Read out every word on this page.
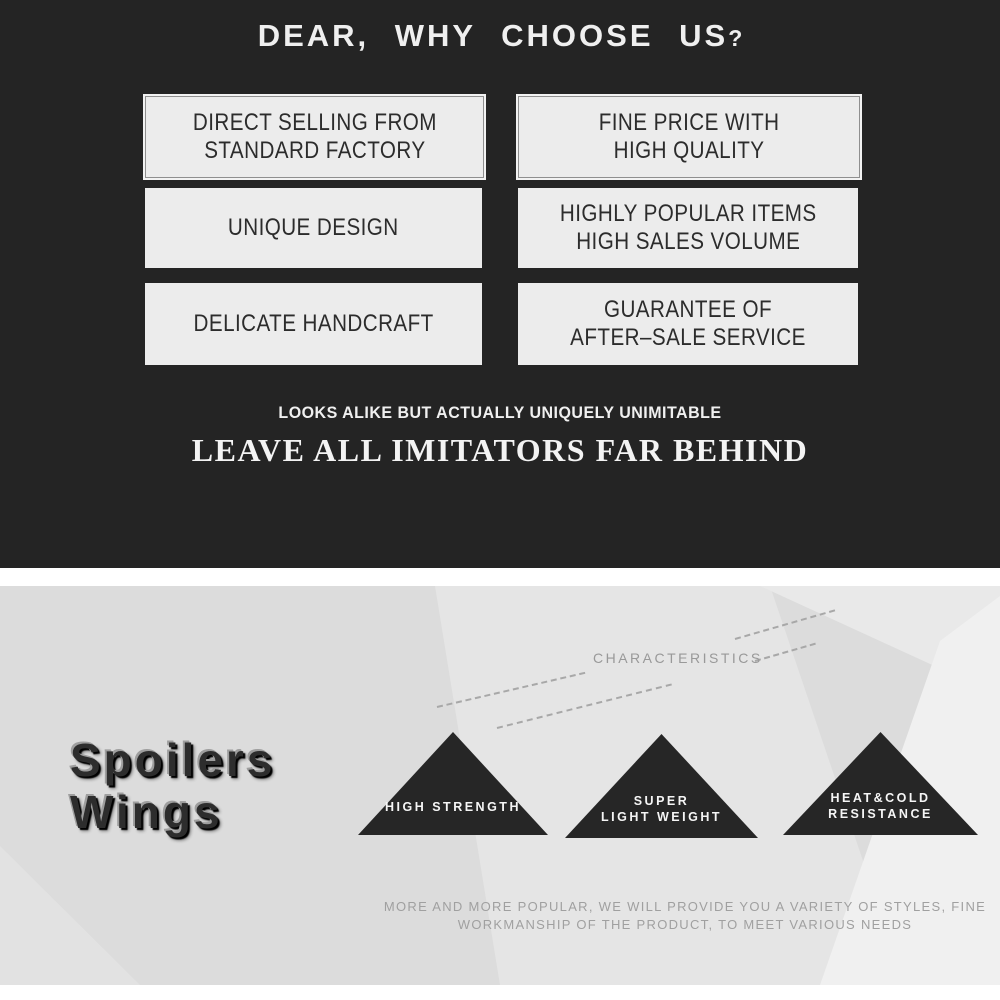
DEAR, WHY CHOOSE US?
DIRECT SELLING FROM
STANDARD FACTORY
FINE PRICE WITH
HIGH QUALITY
UNIQUE DESIGN
HIGHLY POPULAR ITEMS
HIGH SALES VOLUME
DELICATE HANDCRAFT
GUARANTEE OF
AFTER–SALE SERVICE

LOOKS ALIKE BUT ACTUALLY UNIQUELY UNIMITABLE

LEAVE ALL IMITATORS FAR BEHIND

CHARACTERISTICS
Spoilers
Wings	HIGH STRENGTH	SUPER
LIGHT WEIGHT
HEAT&COLD
RESISTANCE
MORE AND MORE POPULAR, WE WILL PROVIDE YOU A VARIETY OF STYLES, FINE
WORKMANSHIP OF THE PRODUCT, TO MEET VARIOUS NEEDS
